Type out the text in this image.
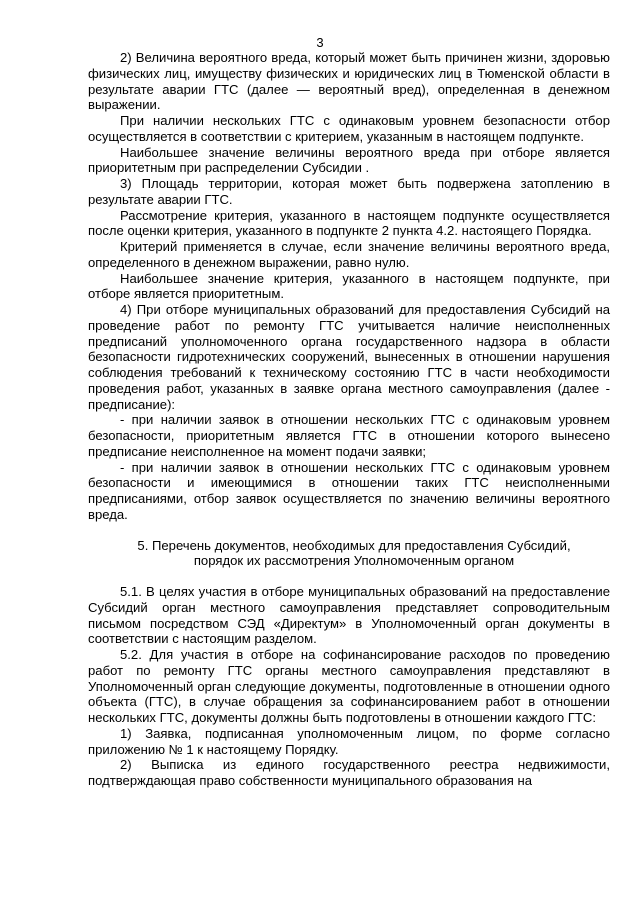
3

2) Величина вероятного вреда, который может быть причинен жизни, здоровью физических лиц, имуществу физических и юридических лиц в Тюменской области в результате аварии ГТС (далее — вероятный вред), определенная в денежном выражении.

При наличии нескольких ГТС с одинаковым уровнем безопасности отбор осуществляется в соответствии с критерием, указанным в настоящем подпункте.

Наибольшее значение величины вероятного вреда при отборе является приоритетным при распределении Субсидии .

3) Площадь территории, которая может быть подвержена затоплению в результате аварии ГТС.

Рассмотрение критерия, указанного в настоящем подпункте осуществляется после оценки критерия, указанного в подпункте 2 пункта 4.2. настоящего Порядка.

Критерий применяется в случае, если значение величины вероятного вреда, определенного в денежном выражении, равно нулю.

Наибольшее значение критерия, указанного в настоящем подпункте, при отборе является приоритетным.

4) При отборе муниципальных образований для предоставления Субсидий на проведение работ по ремонту ГТС учитывается наличие неисполненных предписаний уполномоченного органа государственного надзора в области безопасности гидротехнических сооружений, вынесенных в отношении нарушения соблюдения требований к техническому состоянию ГТС в части необходимости проведения работ, указанных в заявке органа местного самоуправления (далее - предписание):

- при наличии заявок в отношении нескольких ГТС с одинаковым уровнем безопасности, приоритетным является ГТС в отношении которого вынесено предписание неисполненное на момент подачи заявки;

- при наличии заявок в отношении нескольких ГТС с одинаковым уровнем безопасности и имеющимися в отношении таких ГТС неисполненными предписаниями, отбор заявок осуществляется по значению величины вероятного вреда.

5. Перечень документов, необходимых для предоставления Субсидий,

порядок их рассмотрения Уполномоченным органом

5.1. В целях участия в отборе муниципальных образований на предоставление Субсидий орган местного самоуправления представляет сопроводительным письмом посредством СЭД «Директум» в Уполномоченный орган документы в соответствии с настоящим разделом.

5.2. Для участия в отборе на софинансирование расходов по проведению работ по ремонту ГТС органы местного самоуправления представляют в Уполномоченный орган следующие документы, подготовленные в отношении одного объекта (ГТС), в случае обращения за софинансированием работ в отношении нескольких ГТС, документы должны быть подготовлены в отношении каждого ГТС:

1) Заявка, подписанная уполномоченным лицом, по форме согласно приложению № 1 к настоящему Порядку.

2) Выписка из единого государственного реестра недвижимости, подтверждающая право собственности муниципального образования на
